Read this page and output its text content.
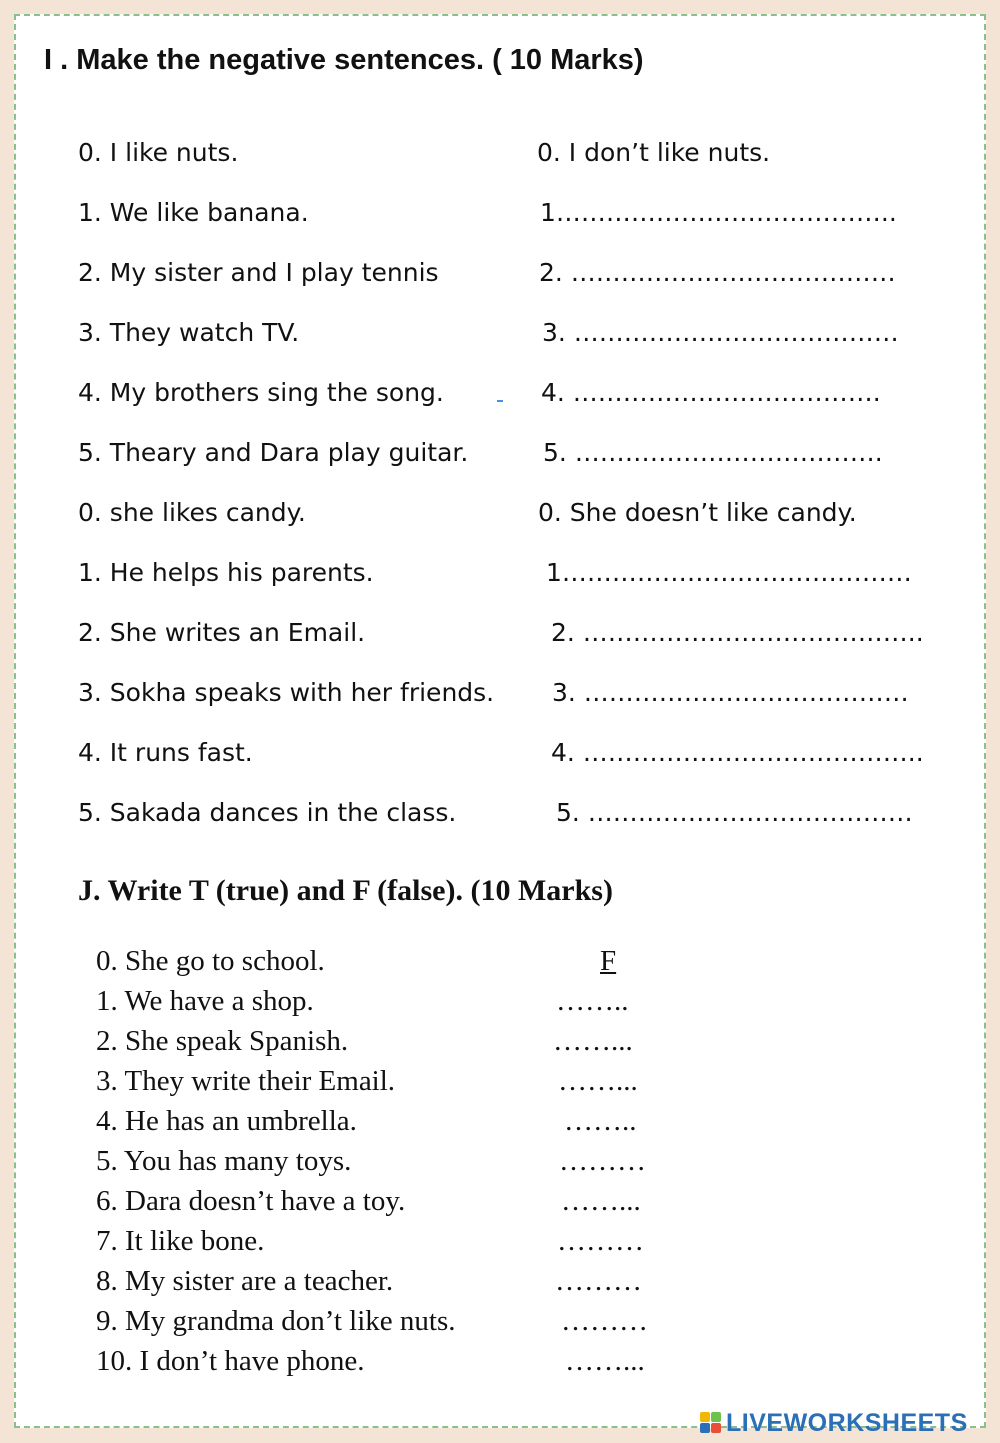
I . Make the negative sentences. ( 10 Marks)
0. I like nuts.	0. I don’t like nuts.
1. We like banana.	1…………………………………..
2. My sister and I play tennis	2. …………………………………
3. They watch TV.	3. …………………………………
4. My brothers sing the song.	4. ……………………………….
5. Theary and Dara play guitar.	5. ……………………………….
0. she likes candy.	0. She doesn’t like candy.
1. He helps his parents.	1……………………………………
2. She writes an Email.	2. …………………………………..
3. Sokha speaks with her friends. 3. …………………………………
4. It runs fast.	4. …………………………………..
5. Sakada dances in the class.	5. …………………………………
J. Write T (true) and F (false). (10 Marks)
0. She go to school.	F
1. We have a shop.	……..
2. She speak Spanish.	……...
3. They write their Email.	……...
4. He has an umbrella.	……..
5. You has many toys.	………
6. Dara doesn’t have a toy.	……...
7. It like bone.	………
8. My sister are a teacher.	………
9. My grandma don’t like nuts.	………
10. I don’t have phone.	……...
LIVEWORKSHEETS
